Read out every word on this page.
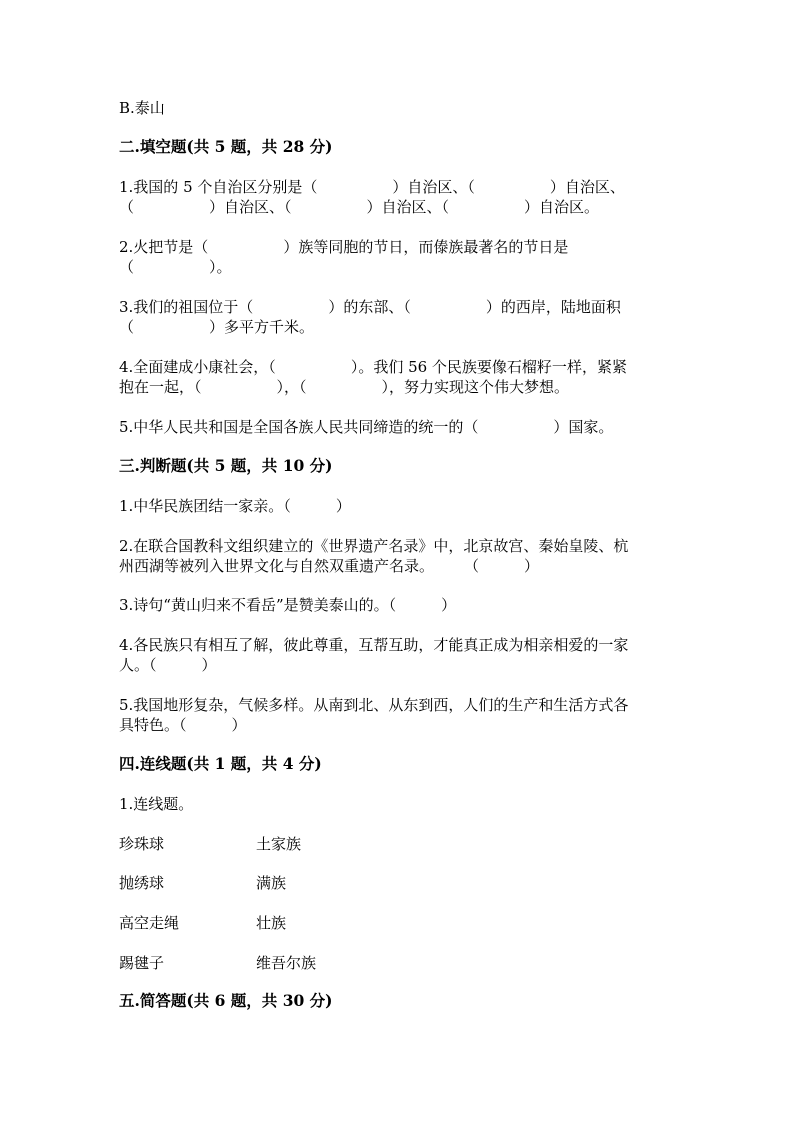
B.泰山
二.填空题(共 5 题，共 28 分)
1.我国的 5 个自治区分别是（　　　　　）自治区、（　　　　　）自治区、
（　　　　　）自治区、（　　　　　）自治区、（　　　　　）自治区。
2.火把节是（　　　　　）族等同胞的节日，而傣族最著名的节日是
（　　　　　）。
3.我们的祖国位于（　　　　　）的东部、（　　　　　）的西岸，陆地面积
（　　　　　）多平方千米。
4.全面建成小康社会，（　　　　　）。我们 56 个民族要像石榴籽一样，紧紧
抱在一起，（　　　　　），（　　　　　），努力实现这个伟大梦想。
5.中华人民共和国是全国各族人民共同缔造的统一的（　　　　　）国家。
三.判断题(共 5 题，共 10 分)
1.中华民族团结一家亲。（　　　）
2.在联合国教科文组织建立的《世界遗产名录》中，北京故宫、秦始皇陵、杭
州西湖等被列入世界文化与自然双重遗产名录。　　　（　　　）
3.诗句“黄山归来不看岳”是赞美泰山的。（　　　）
4.各民族只有相互了解，彼此尊重，互帮互助，才能真正成为相亲相爱的一家
人。（　　　）
5.我国地形复杂，气候多样。从南到北、从东到西，人们的生产和生活方式各
具特色。（　　　）
四.连线题(共 1 题，共 4 分)
1.连线题。
珍珠球	土家族
抛绣球	满族
高空走绳	壮族
踢毽子	维吾尔族
五.简答题(共 6 题，共 30 分)
